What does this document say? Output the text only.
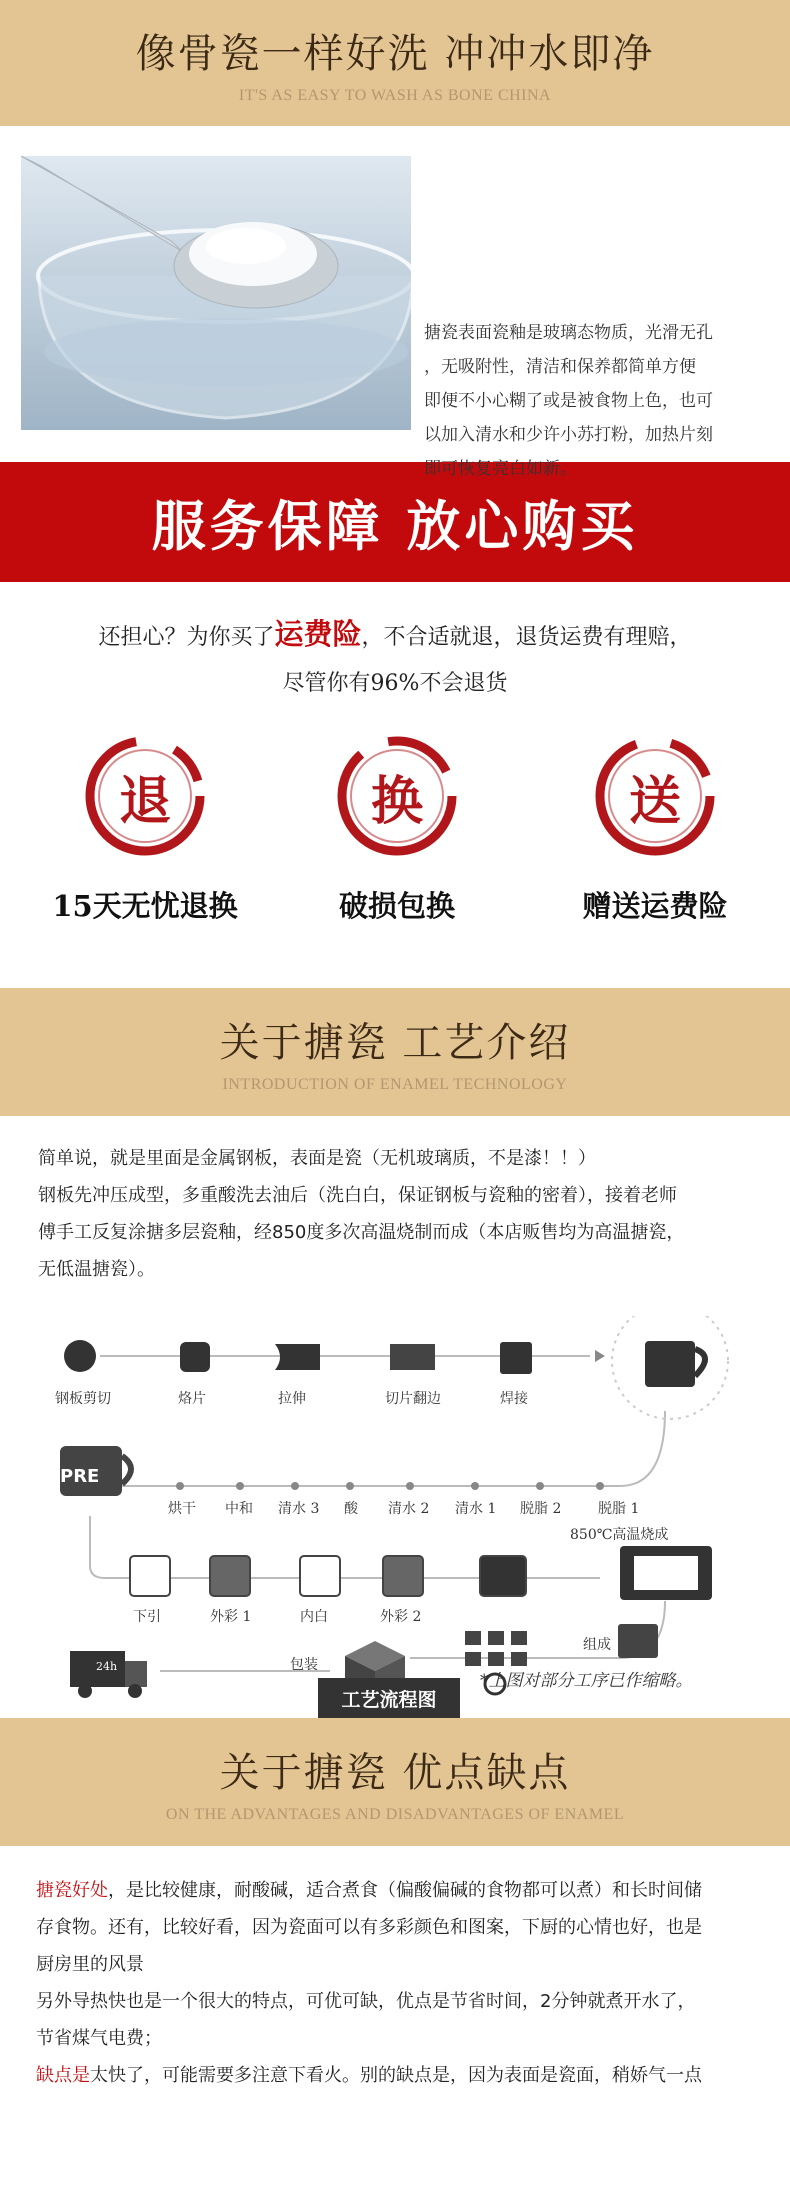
像骨瓷一样好洗 冲冲水即净
IT'S AS EASY TO WASH AS BONE CHINA
搪瓷表面瓷釉是玻璃态物质，光滑无孔
，无吸附性，清洁和保养都简单方便
即便不小心糊了或是被食物上色，也可
以加入清水和少许小苏打粉，加热片刻
即可恢复亮白如新。
服务保障 放心购买
还担心？为你买了运费险，不合适就退，退货运费有理赔，
尽管你有96%不会退货
退
15天无忧退换
换
破损包换
送
赠送运费险
关于搪瓷 工艺介绍
INTRODUCTION OF ENAMEL TECHNOLOGY
简单说，就是里面是金属钢板，表面是瓷（无机玻璃质，不是漆！！）
钢板先冲压成型，多重酸洗去油后（洗白白，保证钢板与瓷釉的密着），接着老师
傅手工反复涂搪多层瓷釉，经850度多次高温烧制而成（本店贩售均为高温搪瓷，
无低温搪瓷）。
钢板剪切	烙片	拉伸	切片翻边	焊接
PRE
烘干 中和 清水 3 酸 清水 2 清水 1 脱脂 2	脱脂 1
850℃高温烧成
下引	外彩 1	内白	外彩 2
组成
包装
24h
工艺流程图
*上图对部分工序已作缩略。
关于搪瓷 优点缺点
ON THE ADVANTAGES AND DISADVANTAGES OF ENAMEL
搪瓷好处，是比较健康，耐酸碱，适合煮食（偏酸偏碱的食物都可以煮）和长时间储
存食物。还有，比较好看，因为瓷面可以有多彩颜色和图案，下厨的心情也好，也是
厨房里的风景
另外导热快也是一个很大的特点，可优可缺，优点是节省时间，2分钟就煮开水了，
节省煤气电费；
缺点是太快了，可能需要多注意下看火。别的缺点是，因为表面是瓷面，稍娇气一点
